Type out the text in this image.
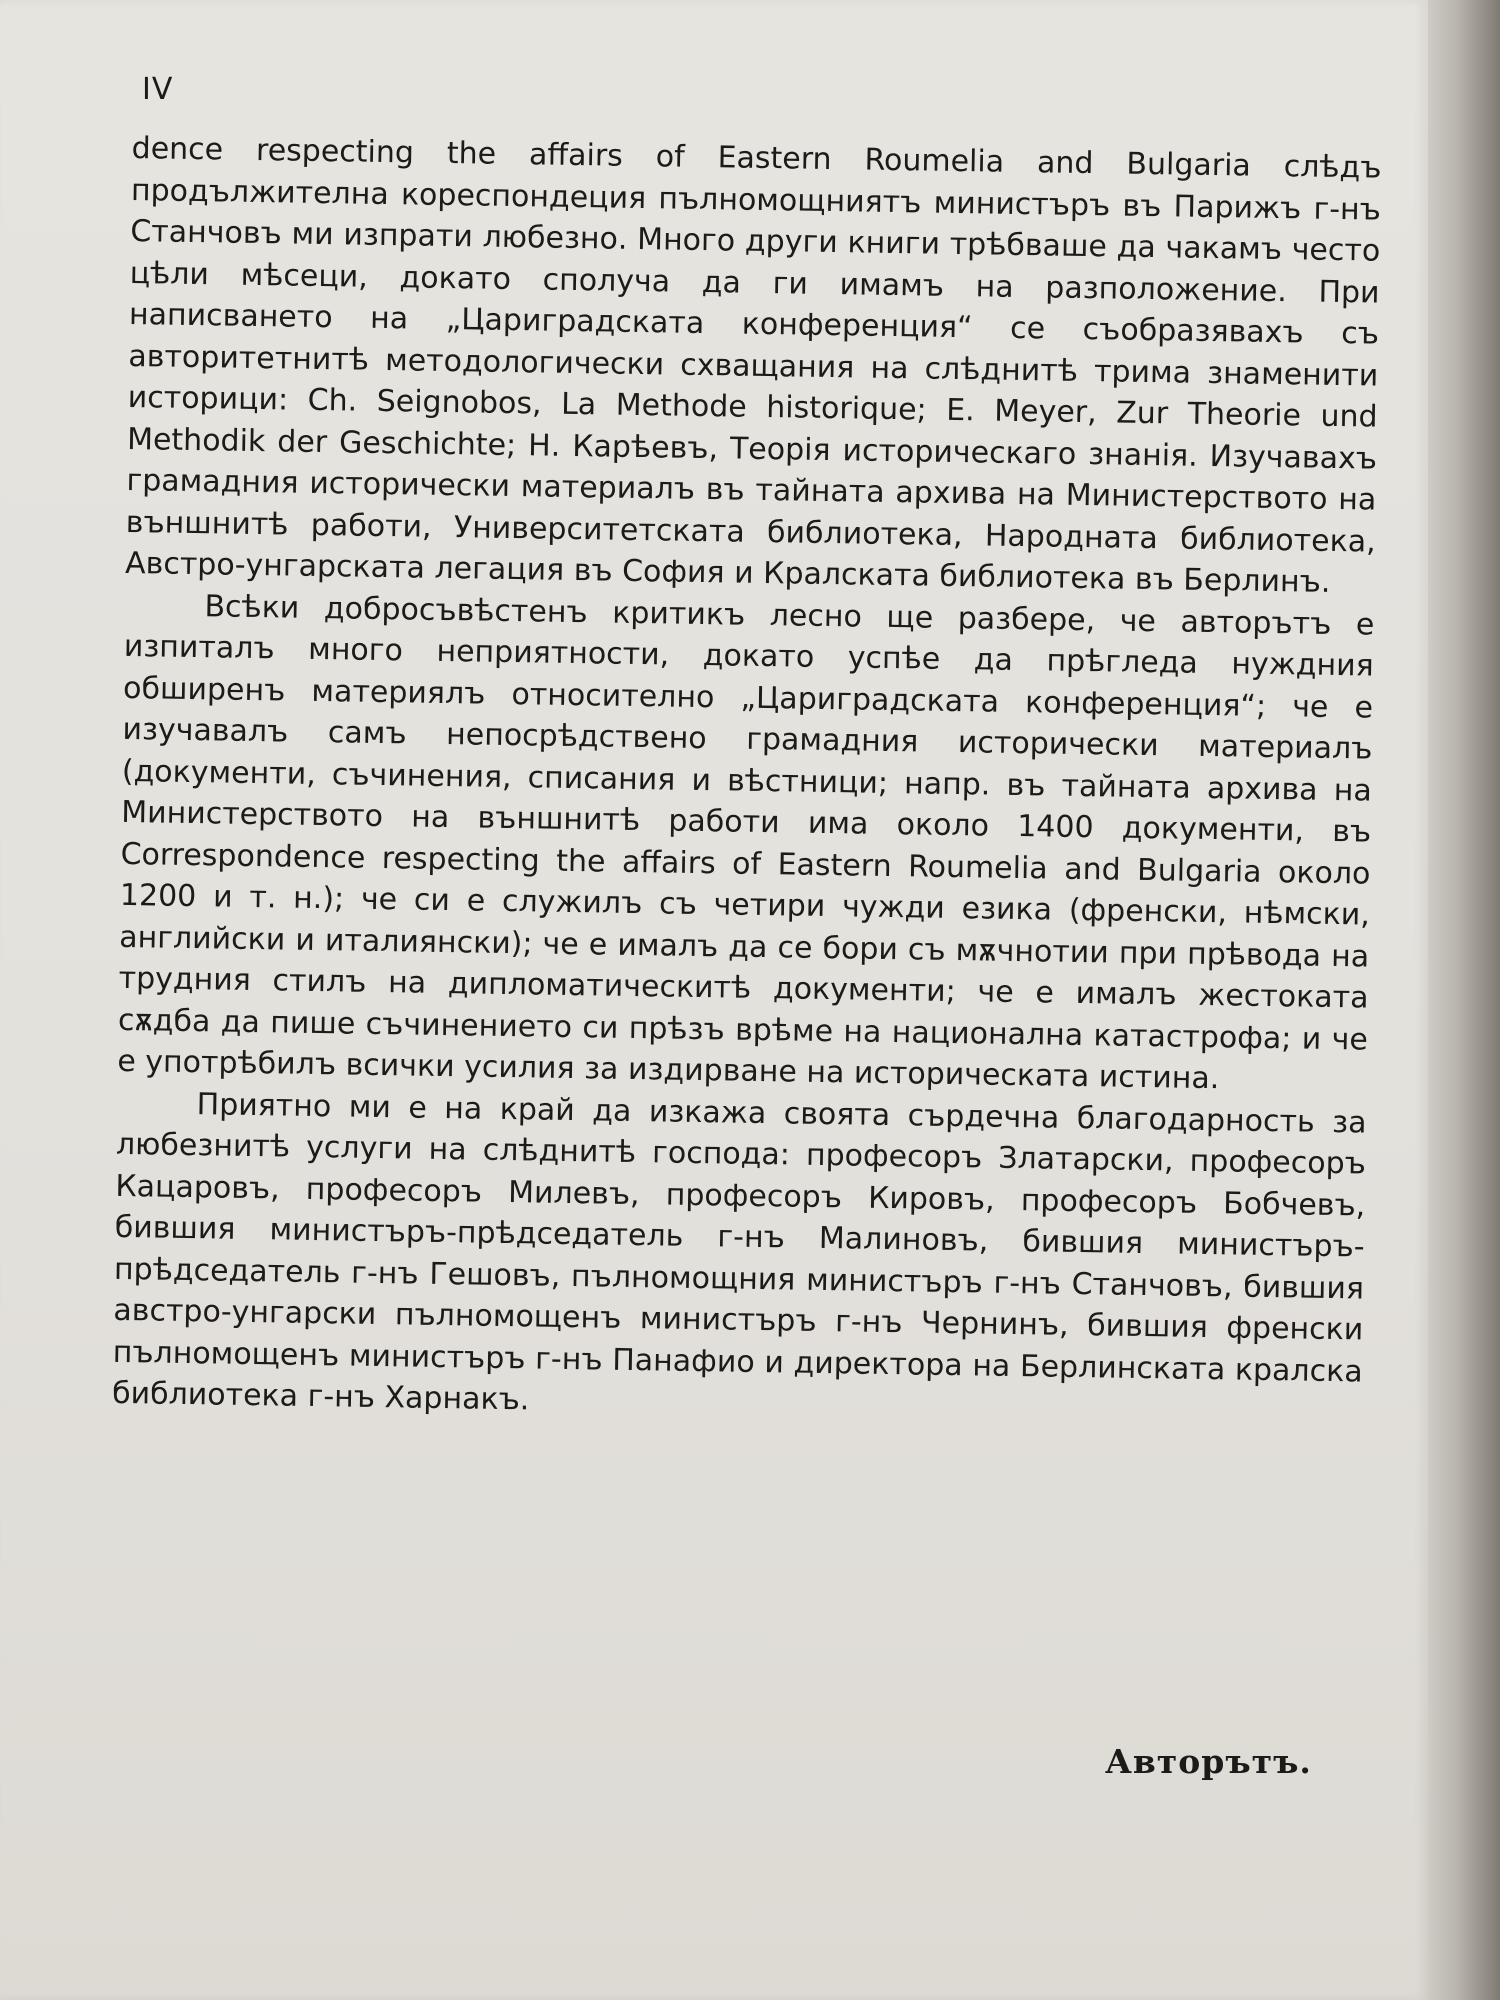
IV

dence respecting the affairs of Eastern Roumelia and Bulgaria слѣдъ продължителна кореспондеция пълномощниятъ министъръ въ Парижъ г-нъ Станчовъ ми изпрати любезно. Много други книги трѣбваше да чакамъ често цѣли мѣсеци, докато сполуча да ги имамъ на разположение. При написването на „Цариградската конференция“ се съобразявахъ съ авторитетнитѣ методологически схващания на слѣднитѣ трима знаменити историци: Ch. Seignobos, La Methode historique; E. Meyer, Zur Theorie und Methodik der Geschichte; Н. Карѣевъ, Теорія историческаго знанія. Изучавахъ грамадния исторически материалъ въ тайната архива на Министерството на външнитѣ работи, Университетската библиотека, Народната библиотека, Австро-унгарската легация въ София и Кралската библиотека въ Берлинъ.

Всѣки добросъвѣстенъ критикъ лесно ще разбере, че авторътъ е изпиталъ много неприятности, докато успѣе да прѣгледа нуждния обширенъ материялъ относително „Цариградската конференция“; че е изучавалъ самъ непосрѣдствено грамадния исторически материалъ (документи, съчинения, списания и вѣстници; напр. въ тайната архива на Министерството на външнитѣ работи има около 1400 документи, въ Correspondence respecting the affairs of Eastern Roumelia and Bulgaria около 1200 и т. н.); че си е служилъ съ четири чужди езика (френски, нѣмски, английски и италиянски); че е ималъ да се бори съ мѫчнотии при прѣвода на трудния стилъ на дипломатическитѣ документи; че е ималъ жестоката сѫдба да пише съчинението си прѣзъ врѣме на национална катастрофа; и че е употрѣбилъ всички усилия за издирване на историческата истина.

Приятно ми е на край да изкажа своята сърдечна благодарность за любезнитѣ услуги на слѣднитѣ господа: професоръ Златарски, професоръ Кацаровъ, професоръ Милевъ, професоръ Кировъ, професоръ Бобчевъ, бившия министъръ-прѣдседатель г-нъ Малиновъ, бившия министъръ-прѣдседатель г-нъ Гешовъ, пълномощния министъръ г-нъ Станчовъ, бившия австро-унгарски пълномощенъ министъръ г-нъ Чернинъ, бившия френски пълномощенъ министъръ г-нъ Панафио и директора на Берлинската кралска библиотека г-нъ Харнакъ.

Авторътъ.
